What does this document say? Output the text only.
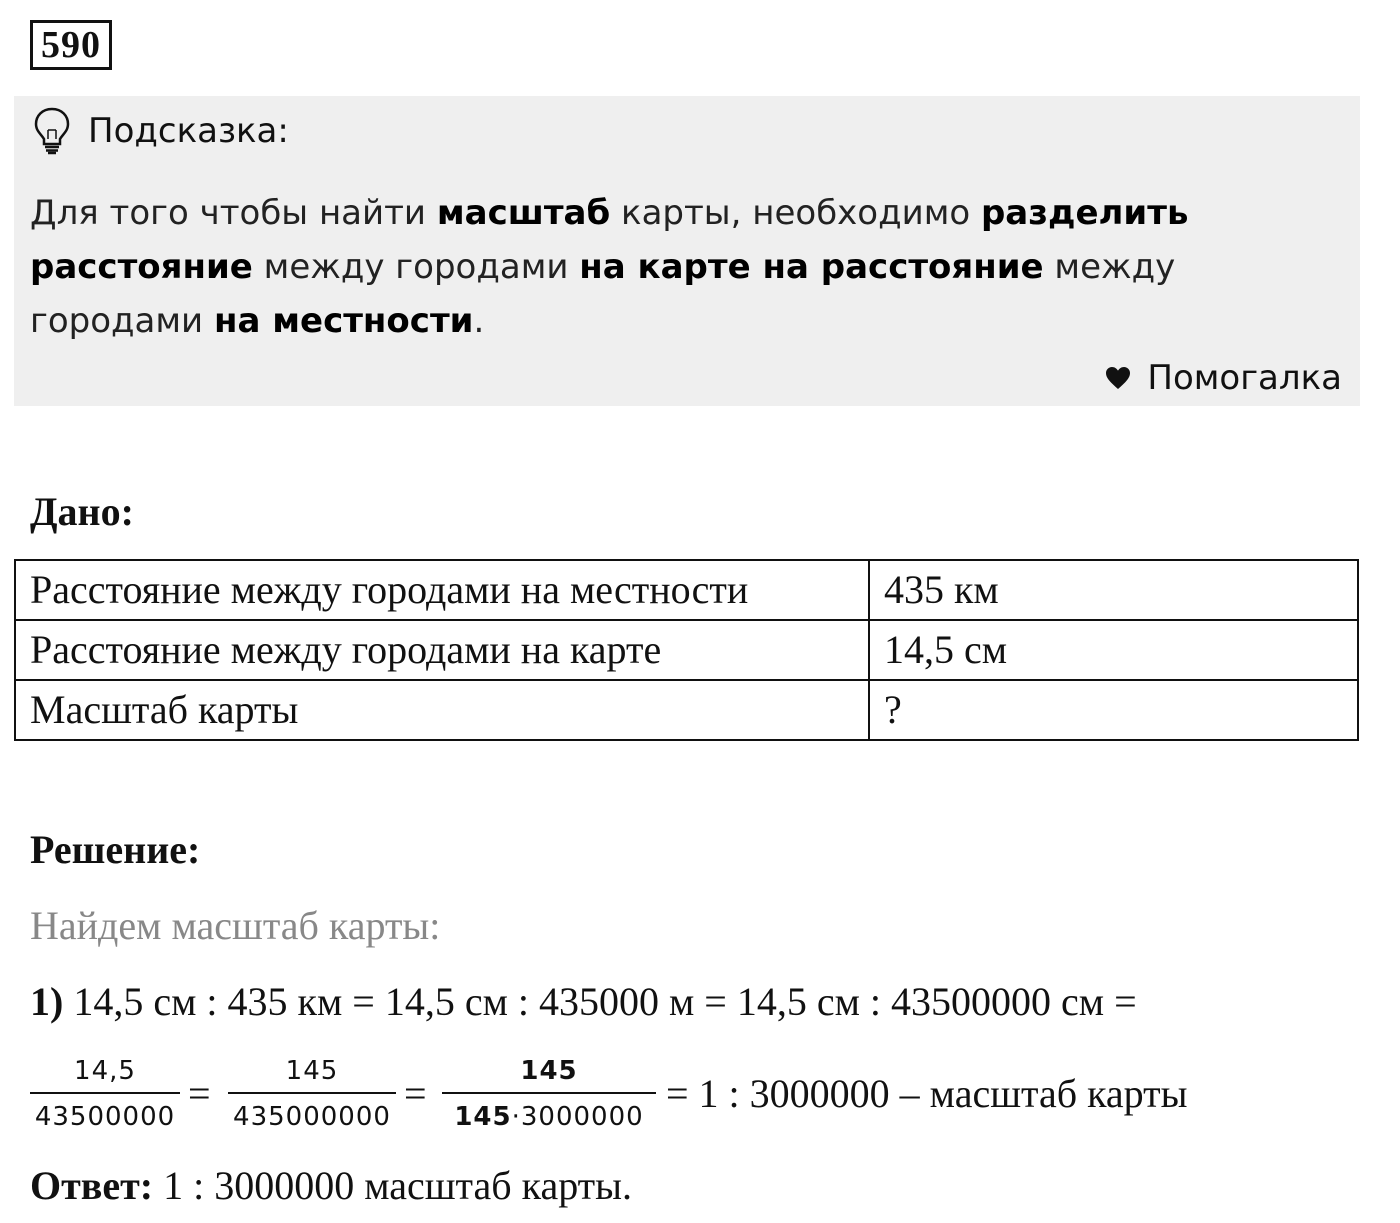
590
Подсказка:
Для того чтобы найти масштаб карты, необходимо разделить расстояние между городами на карте на расстояние между городами на местности.
Помогалка
Дано:
Расстояние между городами на местности	435 км
Расстояние между городами на карте	14,5 см
Масштаб карты	?
Решение:
Найдем масштаб карты:
1) 14,5 см : 435 км = 14,5 см : 435000 м = 14,5 см : 43500000 см =
14,5
43500000
=	145
435000000
=	145
145·3000000
= 1 : 3000000 – масштаб карты
Ответ: 1 : 3000000 масштаб карты.
